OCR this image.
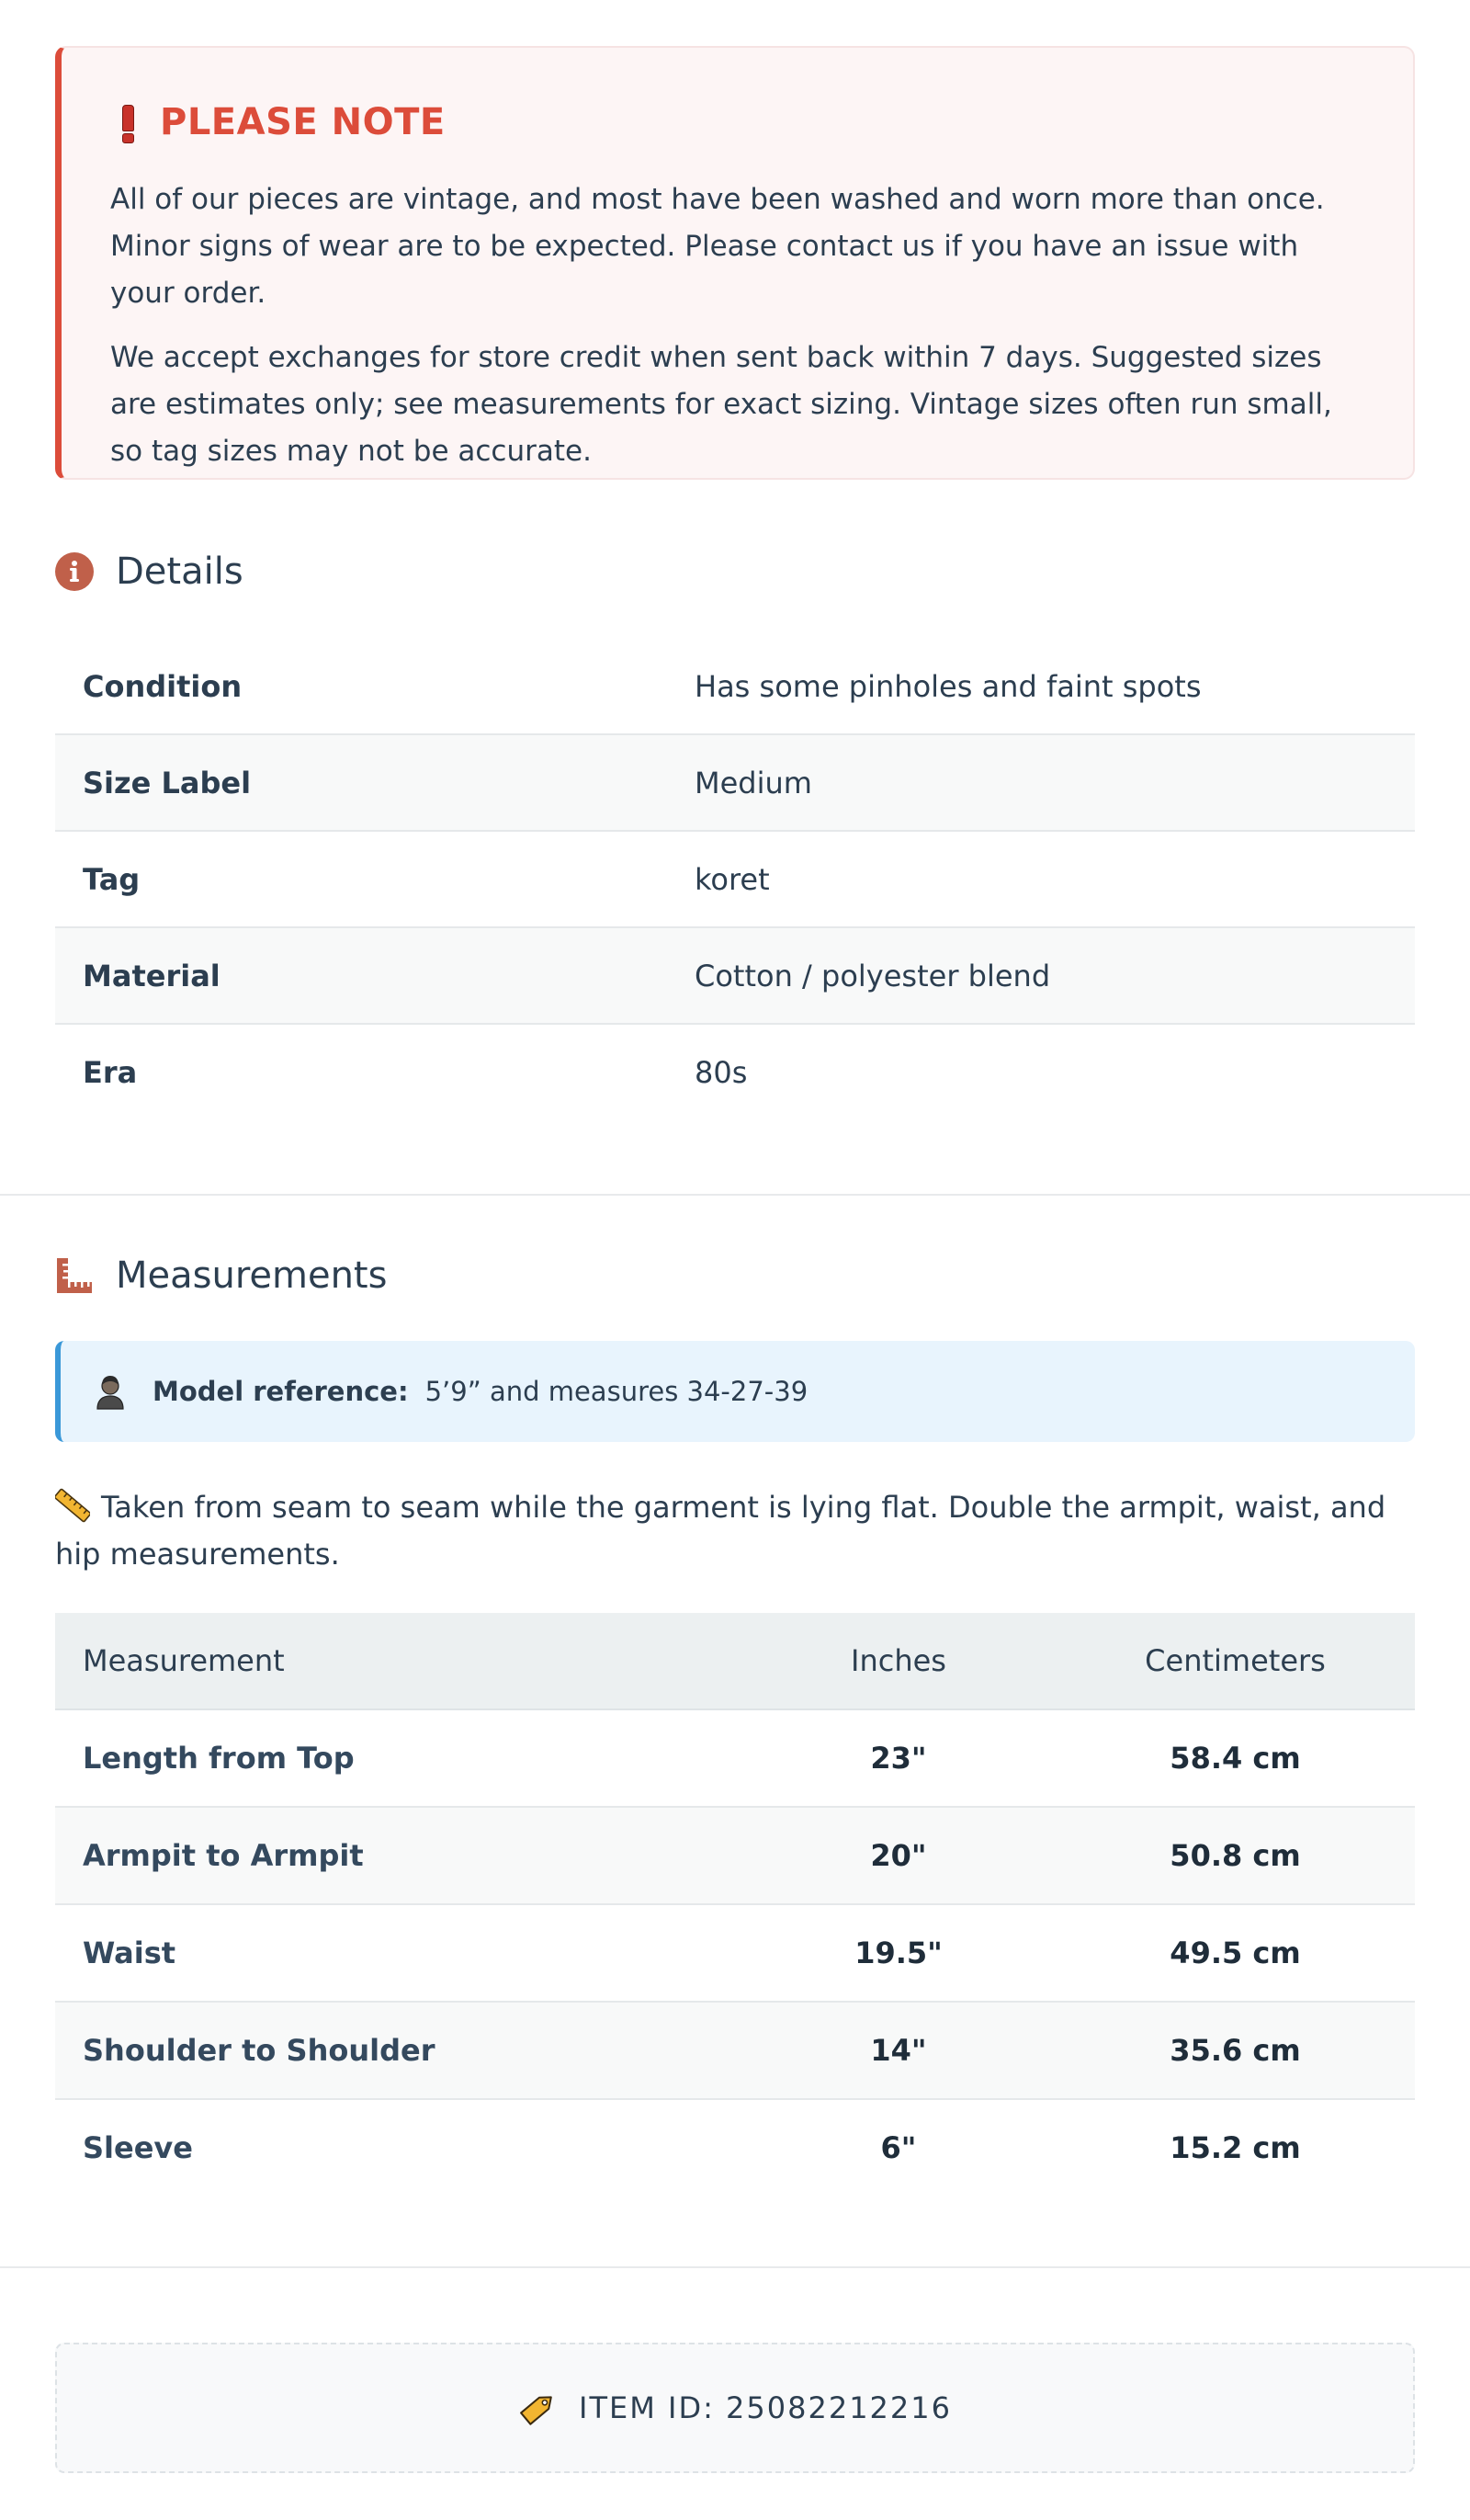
PLEASE NOTE

All of our pieces are vintage, and most have been washed and worn more than once. Minor signs of wear are to be expected. Please contact us if you have an issue with your order.

We accept exchanges for store credit when sent back within 7 days. Suggested sizes are estimates only; see measurements for exact sizing. Vintage sizes often run small, so tag sizes may not be accurate.

Details
Condition	Has some pinholes and faint spots
Size Label	Medium
Tag	koret
Material	Cotton / polyester blend
Era	80s
Measurements
Model reference: 5’9” and measures 34-27-39
Taken from seam to seam while the garment is lying flat. Double the armpit, waist, and hip measurements.
Measurement	Inches	Centimeters
Length from Top	23"	58.4 cm
Armpit to Armpit	20"	50.8 cm
Waist	19.5"	49.5 cm
Shoulder to Shoulder	14"	35.6 cm
Sleeve	6"	15.2 cm
ITEM ID: 25082212216
